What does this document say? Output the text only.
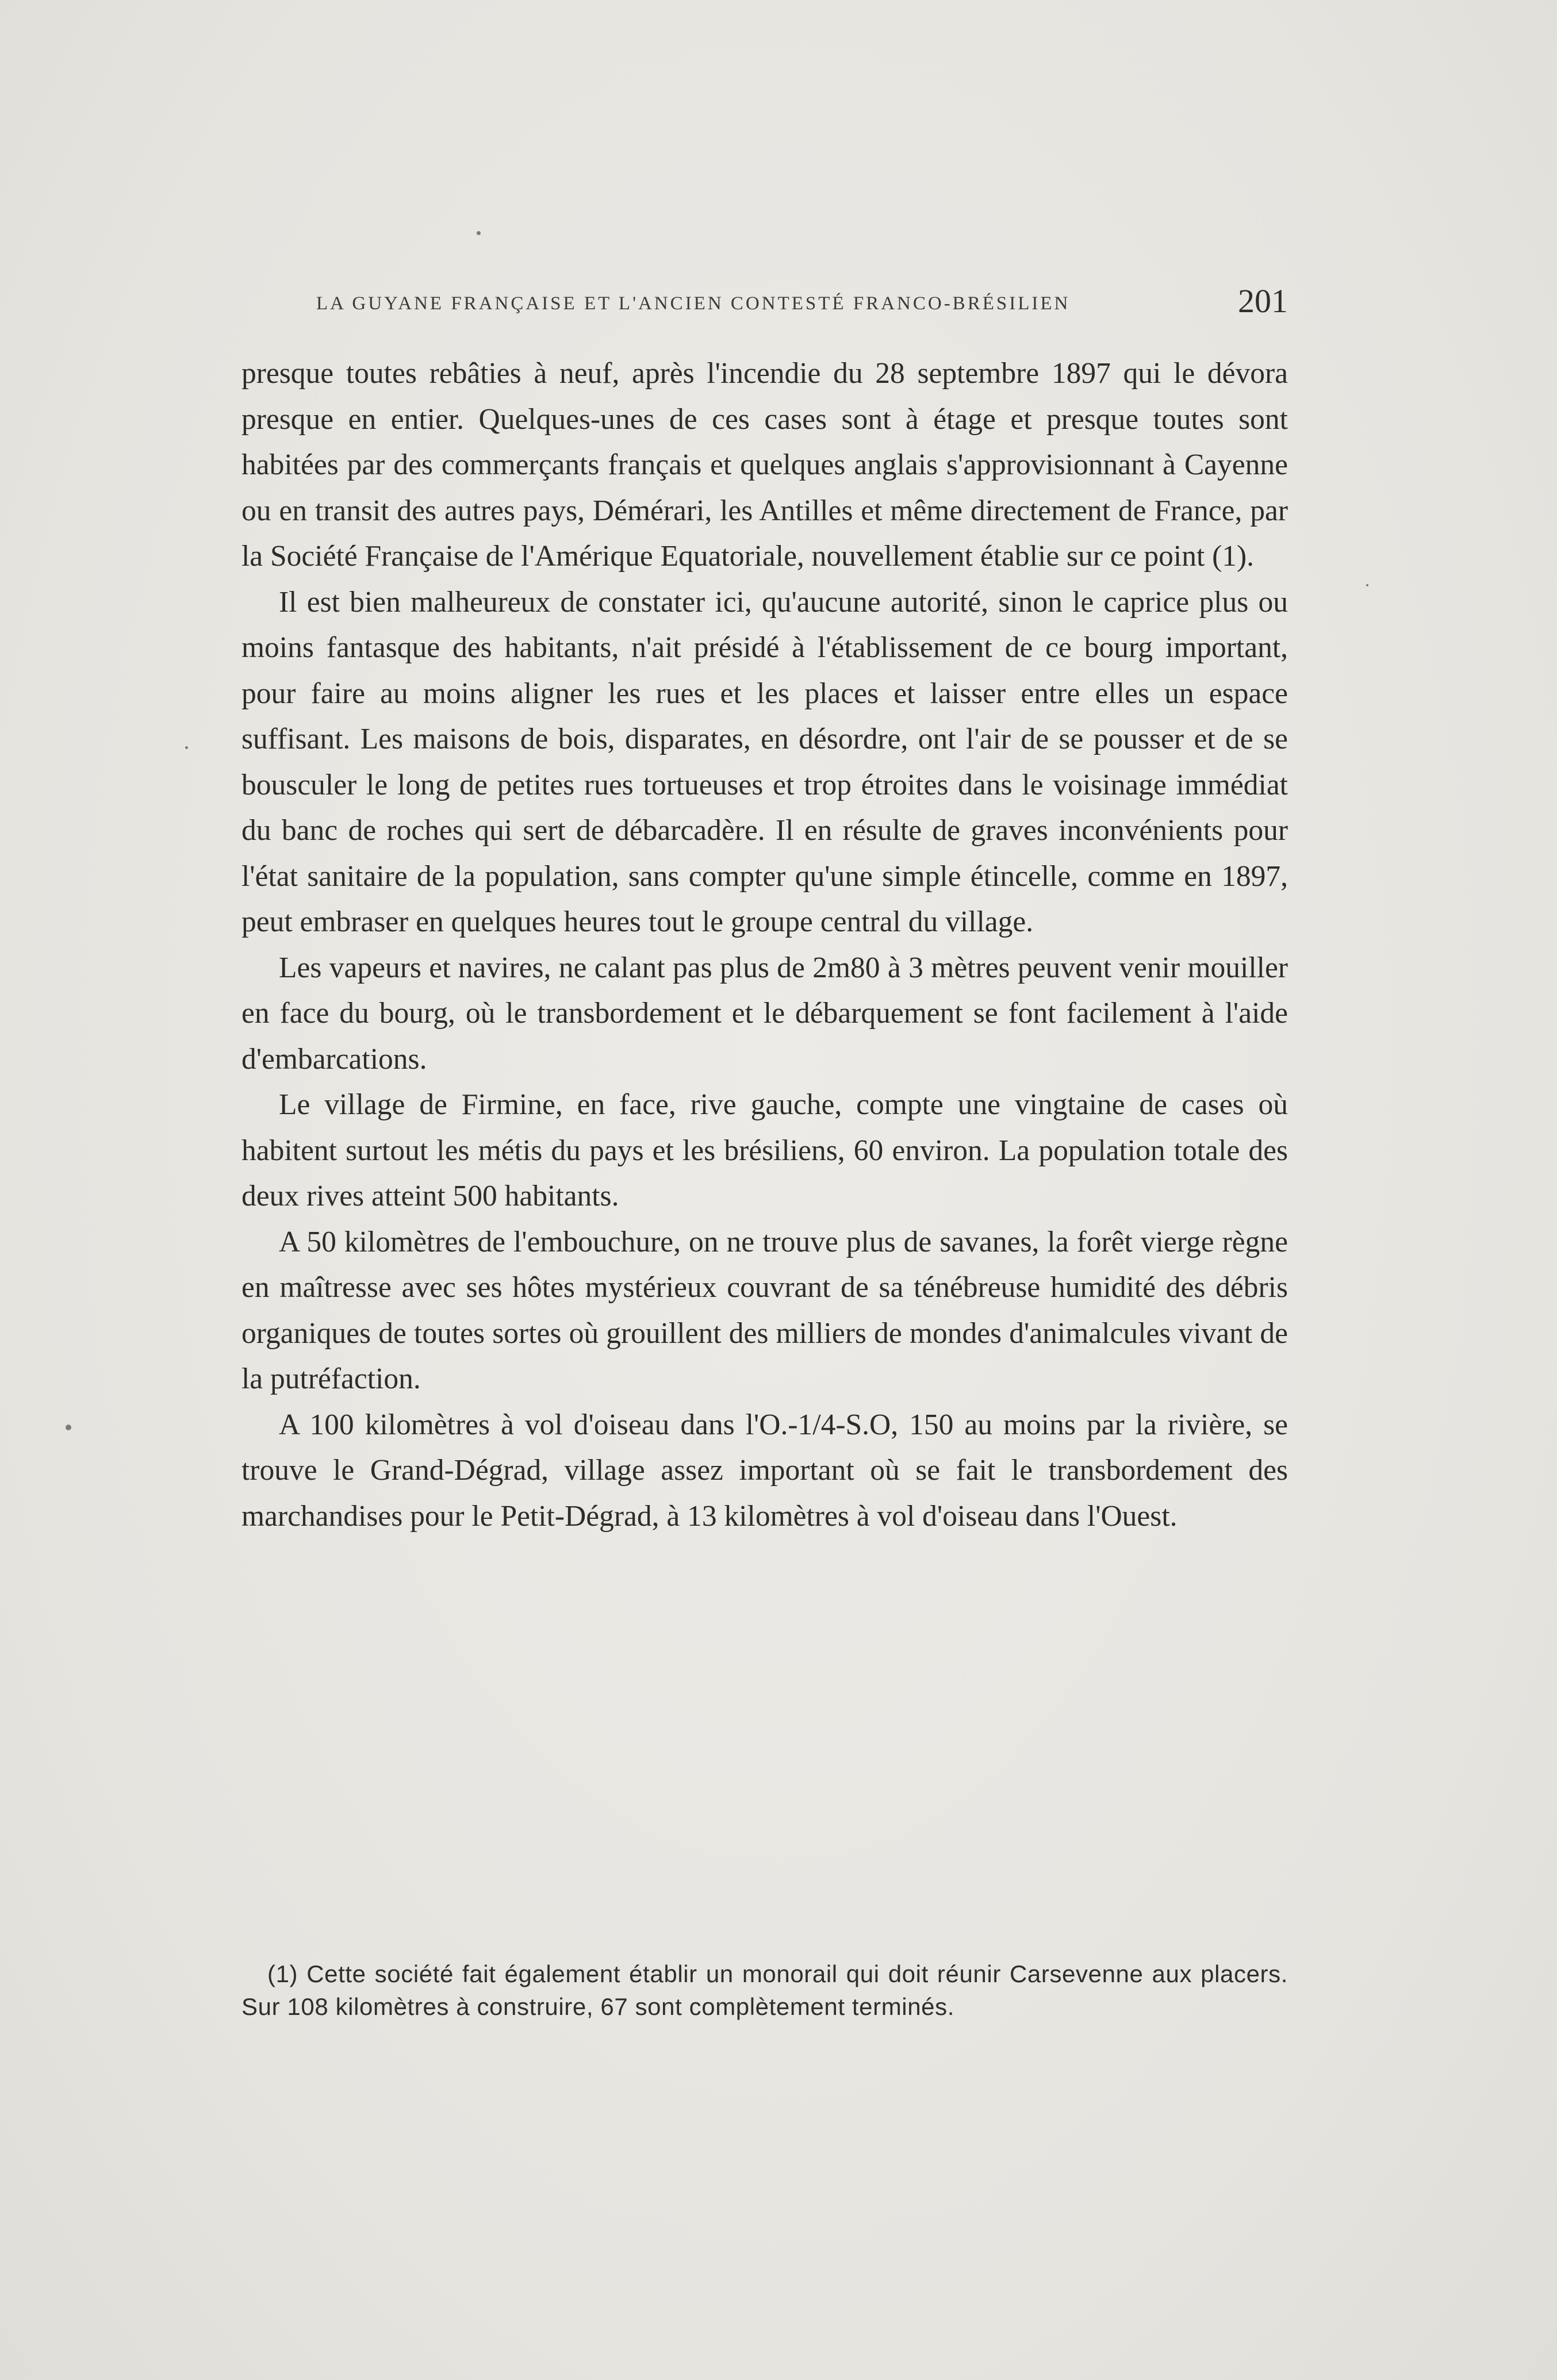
LA GUYANE FRANÇAISE ET L'ANCIEN CONTESTÉ FRANCO-BRÉSILIEN	201

presque toutes rebâties à neuf, après l'incendie du 28 septembre 1897 qui le dévora presque en entier. Quelques-unes de ces cases sont à étage et presque toutes sont habitées par des commerçants français et quelques anglais s'approvisionnant à Cayenne ou en transit des autres pays, Démérari, les Antilles et même directement de France, par la Société Française de l'Amérique Equatoriale, nouvellement établie sur ce point (1).

Il est bien malheureux de constater ici, qu'aucune autorité, sinon le caprice plus ou moins fantasque des habitants, n'ait présidé à l'établissement de ce bourg important, pour faire au moins aligner les rues et les places et laisser entre elles un espace suffisant. Les maisons de bois, disparates, en désordre, ont l'air de se pousser et de se bousculer le long de petites rues tortueuses et trop étroites dans le voisinage immédiat du banc de roches qui sert de débarcadère. Il en résulte de graves inconvénients pour l'état sanitaire de la population, sans compter qu'une simple étincelle, comme en 1897, peut embraser en quelques heures tout le groupe central du village.

Les vapeurs et navires, ne calant pas plus de 2m80 à 3 mètres peuvent venir mouiller en face du bourg, où le transbordement et le débarquement se font facilement à l'aide d'embarcations.

Le village de Firmine, en face, rive gauche, compte une vingtaine de cases où habitent surtout les métis du pays et les brésiliens, 60 environ. La population totale des deux rives atteint 500 habitants.

A 50 kilomètres de l'embouchure, on ne trouve plus de savanes, la forêt vierge règne en maîtresse avec ses hôtes mystérieux couvrant de sa ténébreuse humidité des débris organiques de toutes sortes où grouillent des milliers de mondes d'animalcules vivant de la putréfaction.

A 100 kilomètres à vol d'oiseau dans l'O.-1/4-S.O, 150 au moins par la rivière, se trouve le Grand-Dégrad, village assez important où se fait le transbordement des marchandises pour le Petit-Dégrad, à 13 kilomètres à vol d'oiseau dans l'Ouest.

(1) Cette société fait également établir un monorail qui doit réunir Carsevenne aux placers. Sur 108 kilomètres à construire, 67 sont complètement terminés.
